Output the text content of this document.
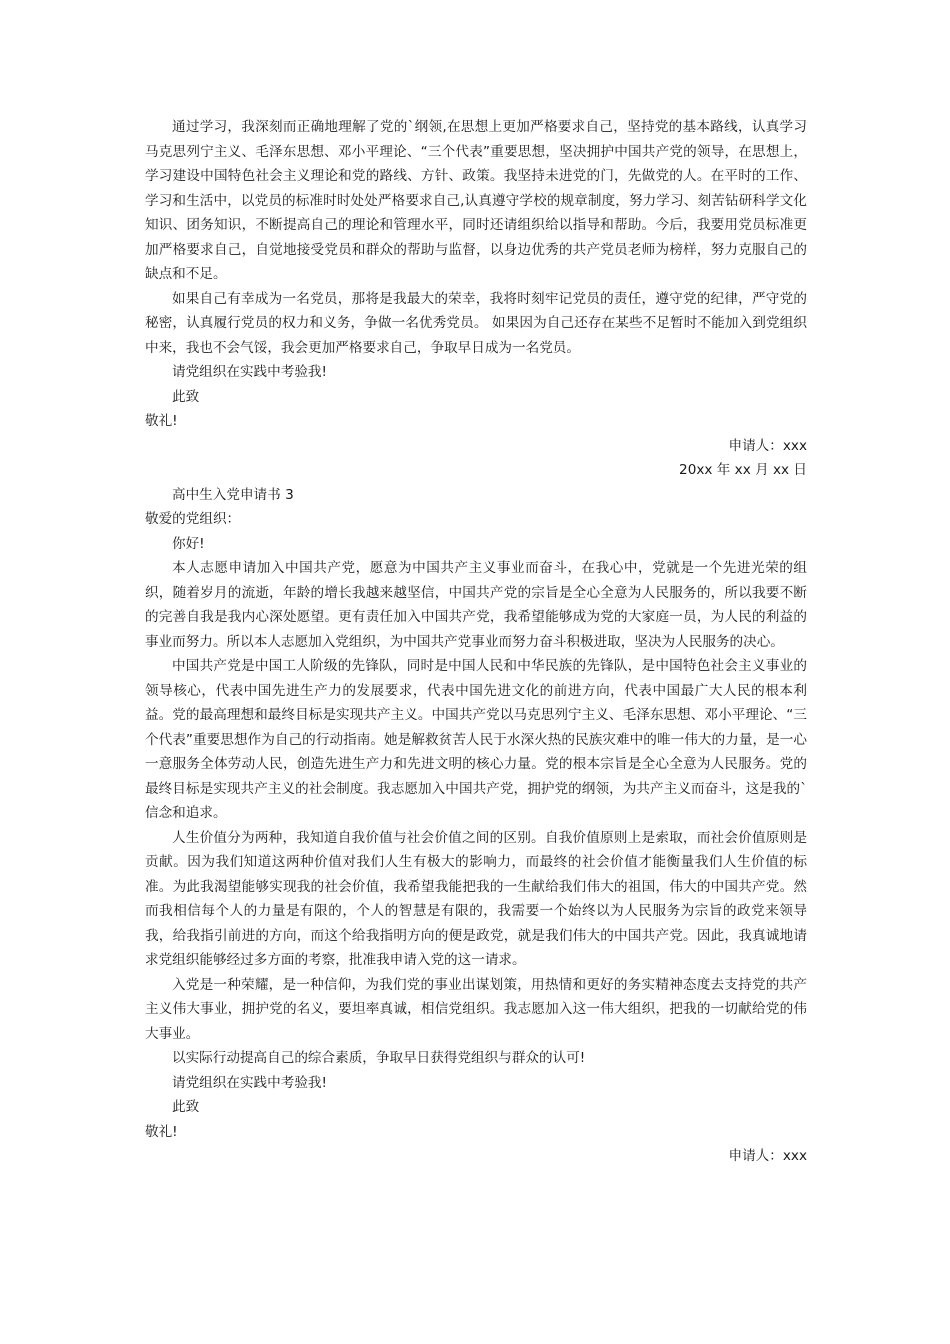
通过学习，我深刻而正确地理解了党的`纲领,在思想上更加严格要求自己，坚持党的基本路线，认真学习马克思列宁主义、毛泽东思想、邓小平理论、“三个代表”重要思想，坚决拥护中国共产党的领导，在思想上，学习建设中国特色社会主义理论和党的路线、方针、政策。我坚持未进党的门，先做党的人。在平时的工作、学习和生活中，以党员的标准时时处处严格要求自己,认真遵守学校的规章制度，努力学习、刻苦钻研科学文化知识、团务知识，不断提高自己的理论和管理水平，同时还请组织给以指导和帮助。今后，我要用党员标准更加严格要求自己，自觉地接受党员和群众的帮助与监督，以身边优秀的共产党员老师为榜样，努力克服自己的缺点和不足。

如果自己有幸成为一名党员，那将是我最大的荣幸，我将时刻牢记党员的责任，遵守党的纪律，严守党的秘密，认真履行党员的权力和义务，争做一名优秀党员。 如果因为自己还存在某些不足暂时不能加入到党组织中来，我也不会气馁，我会更加严格要求自己，争取早日成为一名党员。

请党组织在实践中考验我!

此致

敬礼!

申请人：xxx

20xx 年 xx 月 xx 日

高中生入党申请书 3

敬爱的党组织：

你好!

本人志愿申请加入中国共产党，愿意为中国共产主义事业而奋斗，在我心中，党就是一个先进光荣的组织，随着岁月的流逝，年龄的增长我越来越坚信，中国共产党的宗旨是全心全意为人民服务的，所以我要不断的完善自我是我内心深处愿望。更有责任加入中国共产党，我希望能够成为党的大家庭一员，为人民的利益的事业而努力。所以本人志愿加入党组织，为中国共产党事业而努力奋斗积极进取，坚决为人民服务的决心。

中国共产党是中国工人阶级的先锋队，同时是中国人民和中华民族的先锋队，是中国特色社会主义事业的领导核心，代表中国先进生产力的发展要求，代表中国先进文化的前进方向，代表中国最广大人民的根本利益。党的最高理想和最终目标是实现共产主义。中国共产党以马克思列宁主义、毛泽东思想、邓小平理论、“三个代表”重要思想作为自己的行动指南。她是解救贫苦人民于水深火热的民族灾难中的唯一伟大的力量，是一心一意服务全体劳动人民，创造先进生产力和先进文明的核心力量。党的根本宗旨是全心全意为人民服务。党的最终目标是实现共产主义的社会制度。我志愿加入中国共产党，拥护党的纲领，为共产主义而奋斗，这是我的`信念和追求。

人生价值分为两种，我知道自我价值与社会价值之间的区别。自我价值原则上是索取，而社会价值原则是贡献。因为我们知道这两种价值对我们人生有极大的影响力，而最终的社会价值才能衡量我们人生价值的标准。为此我渴望能够实现我的社会价值，我希望我能把我的一生献给我们伟大的祖国，伟大的中国共产党。然而我相信每个人的力量是有限的，个人的智慧是有限的，我需要一个始终以为人民服务为宗旨的政党来领导我，给我指引前进的方向，而这个给我指明方向的便是政党，就是我们伟大的中国共产党。因此，我真诚地请求党组织能够经过多方面的考察，批准我申请入党的这一请求。

入党是一种荣耀，是一种信仰，为我们党的事业出谋划策，用热情和更好的务实精神态度去支持党的共产主义伟大事业，拥护党的名义，要坦率真诚，相信党组织。我志愿加入这一伟大组织，把我的一切献给党的伟大事业。

以实际行动提高自己的综合素质，争取早日获得党组织与群众的认可!

请党组织在实践中考验我!

此致

敬礼!

申请人：xxx
